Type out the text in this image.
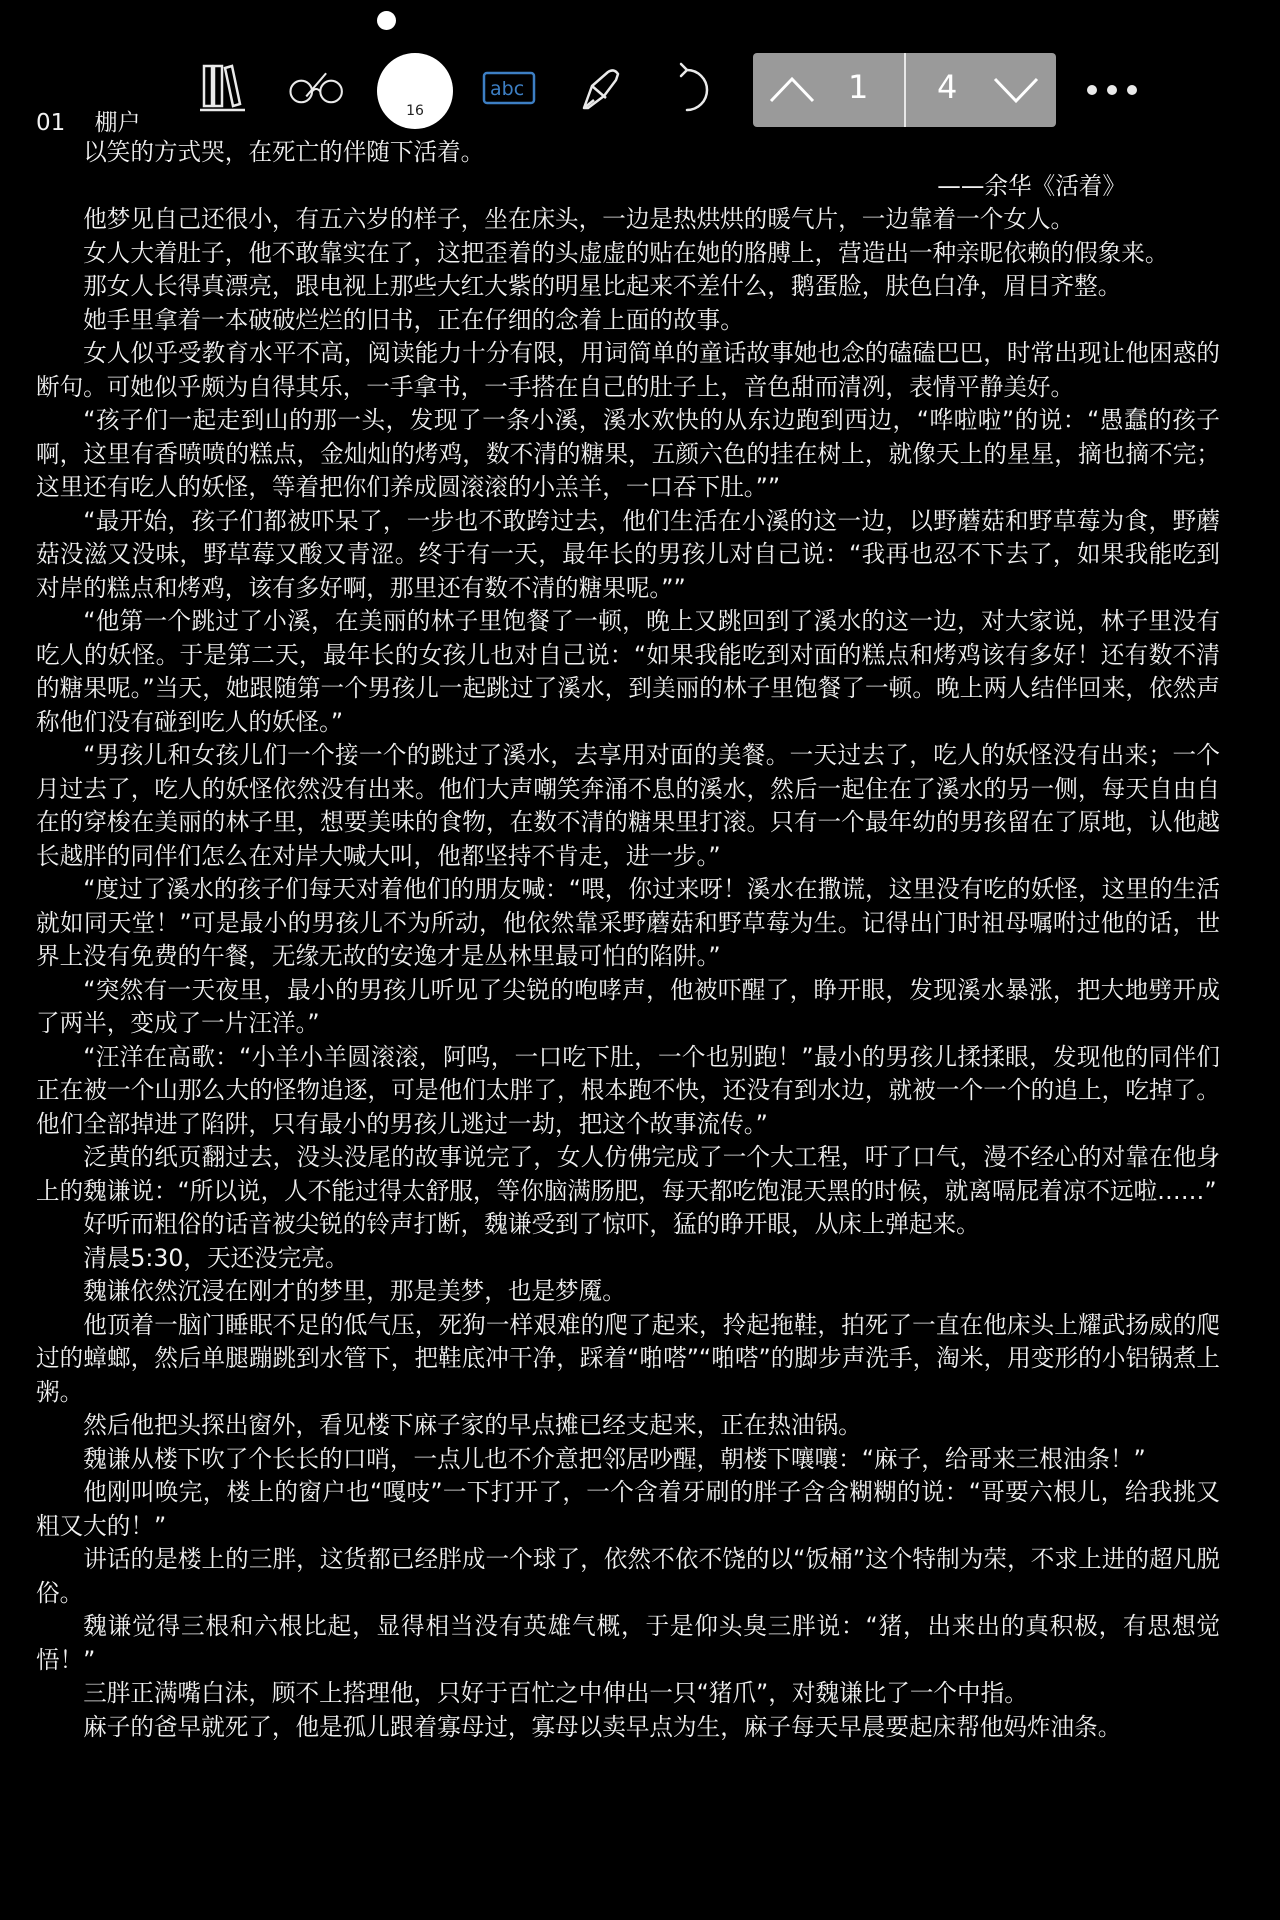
16
abc	1 4
01 棚户

以笑的方式哭，在死亡的伴随下活着。

——余华《活着》

他梦见自己还很小，有五六岁的样子，坐在床头，一边是热烘烘的暖气片，一边靠着一个女人。

女人大着肚子，他不敢靠实在了，这把歪着的头虚虚的贴在她的胳膊上，营造出一种亲昵依赖的假象来。

那女人长得真漂亮，跟电视上那些大红大紫的明星比起来不差什么，鹅蛋脸，肤色白净，眉目齐整。

她手里拿着一本破破烂烂的旧书，正在仔细的念着上面的故事。

女人似乎受教育水平不高，阅读能力十分有限，用词简单的童话故事她也念的磕磕巴巴，时常出现让他困惑的断句。可她似乎颇为自得其乐，一手拿书，一手搭在自己的肚子上，音色甜而清冽，表情平静美好。

“孩子们一起走到山的那一头，发现了一条小溪，溪水欢快的从东边跑到西边，“哗啦啦”的说：“愚蠢的孩子啊，这里有香喷喷的糕点，金灿灿的烤鸡，数不清的糖果，五颜六色的挂在树上，就像天上的星星，摘也摘不完；这里还有吃人的妖怪，等着把你们养成圆滚滚的小羔羊，一口吞下肚。””

“最开始，孩子们都被吓呆了，一步也不敢跨过去，他们生活在小溪的这一边，以野蘑菇和野草莓为食，野蘑菇没滋又没味，野草莓又酸又青涩。终于有一天，最年长的男孩儿对自己说：“我再也忍不下去了，如果我能吃到对岸的糕点和烤鸡，该有多好啊，那里还有数不清的糖果呢。””

“他第一个跳过了小溪，在美丽的林子里饱餐了一顿，晚上又跳回到了溪水的这一边，对大家说，林子里没有吃人的妖怪。于是第二天，最年长的女孩儿也对自己说：“如果我能吃到对面的糕点和烤鸡该有多好！还有数不清的糖果呢。”当天，她跟随第一个男孩儿一起跳过了溪水，到美丽的林子里饱餐了一顿。晚上两人结伴回来，依然声称他们没有碰到吃人的妖怪。”

“男孩儿和女孩儿们一个接一个的跳过了溪水，去享用对面的美餐。一天过去了，吃人的妖怪没有出来；一个月过去了，吃人的妖怪依然没有出来。他们大声嘲笑奔涌不息的溪水，然后一起住在了溪水的另一侧，每天自由自在的穿梭在美丽的林子里，想要美味的食物，在数不清的糖果里打滚。只有一个最年幼的男孩留在了原地，认他越长越胖的同伴们怎么在对岸大喊大叫，他都坚持不肯走，进一步。”

“度过了溪水的孩子们每天对着他们的朋友喊：“喂，你过来呀！溪水在撒谎，这里没有吃的妖怪，这里的生活就如同天堂！”可是最小的男孩儿不为所动，他依然靠采野蘑菇和野草莓为生。记得出门时祖母嘱咐过他的话，世界上没有免费的午餐，无缘无故的安逸才是丛林里最可怕的陷阱。”

“突然有一天夜里，最小的男孩儿听见了尖锐的咆哮声，他被吓醒了，睁开眼，发现溪水暴涨，把大地劈开成了两半，变成了一片汪洋。”

“汪洋在高歌：“小羊小羊圆滚滚，阿呜，一口吃下肚，一个也别跑！”最小的男孩儿揉揉眼，发现他的同伴们正在被一个山那么大的怪物追逐，可是他们太胖了，根本跑不快，还没有到水边，就被一个一个的追上，吃掉了。他们全部掉进了陷阱，只有最小的男孩儿逃过一劫，把这个故事流传。”

泛黄的纸页翻过去，没头没尾的故事说完了，女人仿佛完成了一个大工程，吁了口气，漫不经心的对靠在他身上的魏谦说：“所以说，人不能过得太舒服，等你脑满肠肥，每天都吃饱混天黑的时候，就离嗝屁着凉不远啦……”

好听而粗俗的话音被尖锐的铃声打断，魏谦受到了惊吓，猛的睁开眼，从床上弹起来。

清晨5:30，天还没完亮。

魏谦依然沉浸在刚才的梦里，那是美梦，也是梦魇。

他顶着一脑门睡眠不足的低气压，死狗一样艰难的爬了起来，拎起拖鞋，拍死了一直在他床头上耀武扬威的爬过的蟑螂，然后单腿蹦跳到水管下，把鞋底冲干净，踩着“啪嗒”“啪嗒”的脚步声洗手，淘米，用变形的小铝锅煮上粥。

然后他把头探出窗外，看见楼下麻子家的早点摊已经支起来，正在热油锅。

魏谦从楼下吹了个长长的口哨，一点儿也不介意把邻居吵醒，朝楼下嚷嚷：“麻子，给哥来三根油条！”

他刚叫唤完，楼上的窗户也“嘎吱”一下打开了，一个含着牙刷的胖子含含糊糊的说：“哥要六根儿，给我挑又粗又大的！”

讲话的是楼上的三胖，这货都已经胖成一个球了，依然不依不饶的以“饭桶”这个特制为荣，不求上进的超凡脱俗。

魏谦觉得三根和六根比起，显得相当没有英雄气概，于是仰头臭三胖说：“猪，出来出的真积极，有思想觉悟！”

三胖正满嘴白沫，顾不上搭理他，只好于百忙之中伸出一只“猪爪”，对魏谦比了一个中指。

麻子的爸早就死了，他是孤儿跟着寡母过，寡母以卖早点为生，麻子每天早晨要起床帮他妈炸油条。
